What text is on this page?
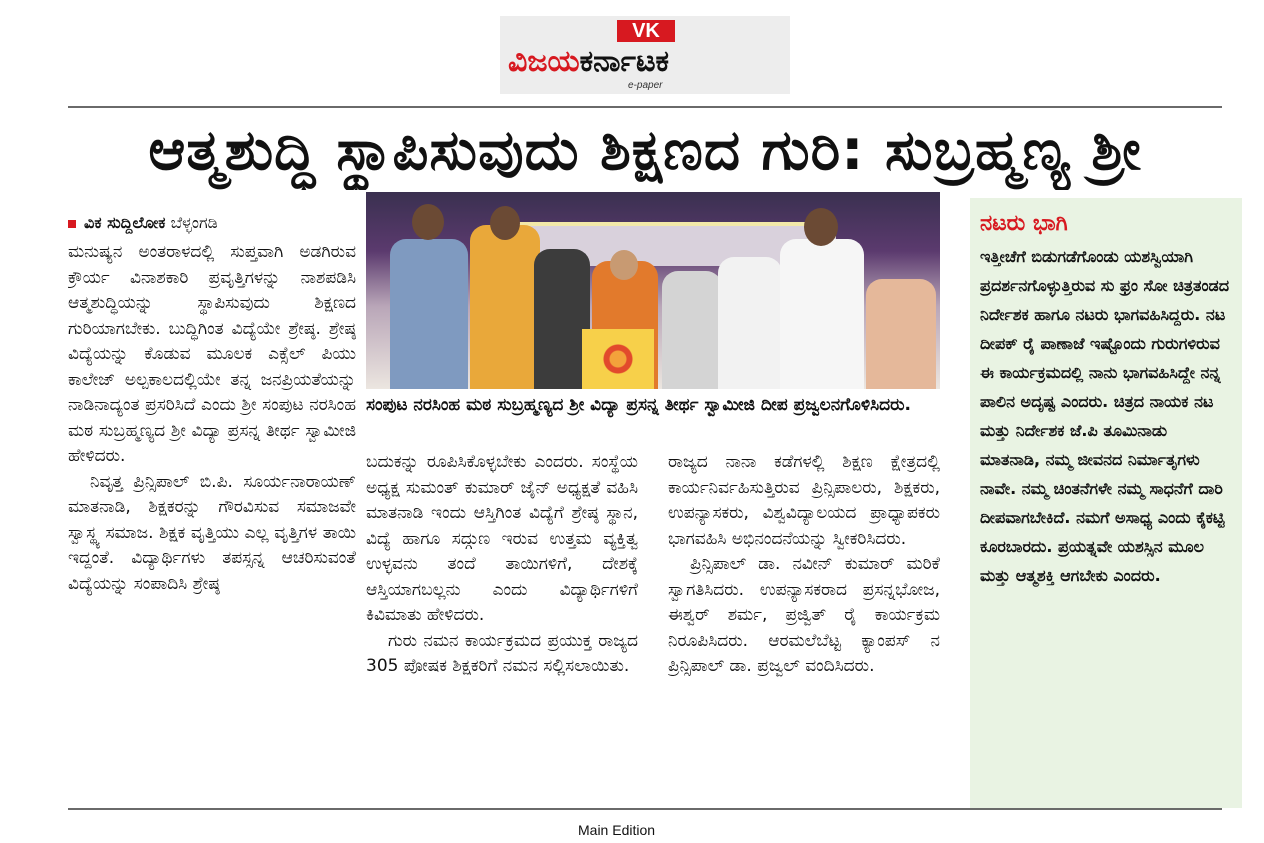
VK
ವಿಜಯಕರ್ನಾಟಕ
e-paper
ಆತ್ಮಶುದ್ಧಿ ಸ್ಥಾಪಿಸುವುದು ಶಿಕ್ಷಣದ ಗುರಿ: ಸುಬ್ರಹ್ಮಣ್ಯ ಶ್ರೀ
ವಿಕ ಸುದ್ದಿಲೋಕ ಬೆಳ್ಳಂಗಡಿ

ಮನುಷ್ಯನ ಅಂತರಾಳದಲ್ಲಿ ಸುಪ್ತವಾಗಿ ಅಡಗಿರುವ ಕ್ರೌರ್ಯ ವಿನಾಶಕಾರಿ ಪ್ರವೃತ್ತಿಗಳನ್ನು ನಾಶಪಡಿಸಿ ಆತ್ಮಶುದ್ಧಿಯನ್ನು ಸ್ಥಾಪಿಸುವುದು ಶಿಕ್ಷಣದ ಗುರಿಯಾಗಬೇಕು. ಬುದ್ಧಿಗಿಂತ ವಿದ್ಯೆಯೇ ಶ್ರೇಷ್ಠ. ಶ್ರೇಷ್ಠ ವಿದ್ಯೆಯನ್ನು ಕೊಡುವ ಮೂಲಕ ಎಕ್ಸೆಲ್ ಪಿಯು ಕಾಲೇಜ್ ಅಲ್ಪಕಾಲದಲ್ಲಿಯೇ ತನ್ನ ಜನಪ್ರಿಯತೆಯನ್ನು ನಾಡಿನಾದ್ಯಂತ ಪ್ರಸರಿಸಿದೆ ಎಂದು ಶ್ರೀ ಸಂಪುಟ ನರಸಿಂಹ ಮಠ ಸುಬ್ರಹ್ಮಣ್ಯದ ಶ್ರೀ ವಿದ್ಯಾ ಪ್ರಸನ್ನ ತೀರ್ಥ ಸ್ವಾಮೀಜಿ ಹೇಳಿದರು.

ನಿವೃತ್ತ ಪ್ರಿನ್ಸಿಪಾಲ್ ಬಿ.ಪಿ. ಸೂರ್ಯನಾರಾಯಣ್ ಮಾತನಾಡಿ, ಶಿಕ್ಷಕರನ್ನು ಗೌರವಿಸುವ ಸಮಾಜವೇ ಸ್ವಾಸ್ಥ್ಯ ಸಮಾಜ. ಶಿಕ್ಷಕ ವೃತ್ತಿಯು ಎಲ್ಲ ವೃತ್ತಿಗಳ ತಾಯಿ ಇದ್ದಂತೆ. ವಿದ್ಯಾರ್ಥಿಗಳು ತಪಸ್ಸನ್ನ ಆಚರಿಸುವಂತೆ ವಿದ್ಯೆಯನ್ನು ಸಂಪಾದಿಸಿ ಶ್ರೇಷ್ಠ

ಸಂಪುಟ ನರಸಿಂಹ ಮಠ ಸುಬ್ರಹ್ಮಣ್ಯದ ಶ್ರೀ ವಿದ್ಯಾ ಪ್ರಸನ್ನ ತೀರ್ಥ ಸ್ವಾಮೀಜಿ ದೀಪ ಪ್ರಜ್ವಲನಗೊಳಿಸಿದರು.

ಬದುಕನ್ನು ರೂಪಿಸಿಕೊಳ್ಳಬೇಕು ಎಂದರು. ಸಂಸ್ಥೆಯ ಅಧ್ಯಕ್ಷ ಸುಮಂತ್ ಕುಮಾರ್ ಜೈನ್ ಅಧ್ಯಕ್ಷತೆ ವಹಿಸಿ ಮಾತನಾಡಿ ಇಂದು ಆಸ್ತಿಗಿಂತ ವಿದ್ಯೆಗೆ ಶ್ರೇಷ್ಠ ಸ್ಥಾನ, ವಿದ್ಯೆ ಹಾಗೂ ಸದ್ಗುಣ ಇರುವ ಉತ್ತಮ ವ್ಯಕ್ತಿತ್ವ ಉಳ್ಳವನು ತಂದೆ ತಾಯಿಗಳಿಗೆ, ದೇಶಕ್ಕೆ ಆಸ್ತಿಯಾಗಬಲ್ಲನು ಎಂದು ವಿದ್ಯಾರ್ಥಿಗಳಿಗೆ ಕಿವಿಮಾತು ಹೇಳಿದರು.

ಗುರು ನಮನ ಕಾರ್ಯಕ್ರಮದ ಪ್ರಯುಕ್ತ ರಾಜ್ಯದ 305 ಪೋಷಕ ಶಿಕ್ಷಕರಿಗೆ ನಮನ ಸಲ್ಲಿಸಲಾಯಿತು.

ರಾಜ್ಯದ ನಾನಾ ಕಡೆಗಳಲ್ಲಿ ಶಿಕ್ಷಣ ಕ್ಷೇತ್ರದಲ್ಲಿ ಕಾರ್ಯನಿರ್ವಹಿಸುತ್ತಿರುವ ಪ್ರಿನ್ಸಿಪಾಲರು, ಶಿಕ್ಷಕರು, ಉಪನ್ಯಾಸಕರು, ವಿಶ್ವವಿದ್ಯಾಲಯದ ಪ್ರಾಧ್ಯಾಪಕರು ಭಾಗವಹಿಸಿ ಅಭಿನಂದನೆಯನ್ನು ಸ್ವೀಕರಿಸಿದರು.

ಪ್ರಿನ್ಸಿಪಾಲ್ ಡಾ. ನವೀನ್ ಕುಮಾರ್ ಮರಿಕೆ ಸ್ವಾಗತಿಸಿದರು. ಉಪನ್ಯಾಸಕರಾದ ಪ್ರಸನ್ನಭೋಜ, ಈಶ್ವರ್ ಶರ್ಮ, ಪ್ರಜ್ವಿತ್ ರೈ ಕಾರ್ಯಕ್ರಮ ನಿರೂಪಿಸಿದರು. ಆರಮಲೆಬೆಟ್ಟ ಕ್ಯಾಂಪಸ್ ನ ಪ್ರಿನ್ಸಿಪಾಲ್ ಡಾ. ಪ್ರಜ್ವಲ್ ವಂದಿಸಿದರು.

ನಟರು ಭಾಗಿ
ಇತ್ತೀಚೆಗೆ ಬಿಡುಗಡೆಗೊಂಡು ಯಶಸ್ವಿಯಾಗಿ ಪ್ರದರ್ಶನಗೊಳ್ಳುತ್ತಿರುವ ಸು ಫ್ರಂ ಸೋ ಚಿತ್ರತಂಡದ ನಿರ್ದೇಶಕ ಹಾಗೂ ನಟರು ಭಾಗವಹಿಸಿದ್ದರು. ನಟ ದೀಪಕ್ ರೈ ಪಾಣಾಜೆ ಇಷ್ಟೊಂದು ಗುರುಗಳಿರುವ ಈ ಕಾರ್ಯಕ್ರಮದಲ್ಲಿ ನಾನು ಭಾಗವಹಿಸಿದ್ದೇ ನನ್ನ ಪಾಲಿನ ಅದೃಷ್ಟ ಎಂದರು. ಚಿತ್ರದ ನಾಯಕ ನಟ ಮತ್ತು ನಿರ್ದೇಶಕ ಜೆ.ಪಿ ತೂಮಿನಾಡು ಮಾತನಾಡಿ, ನಮ್ಮ ಜೀವನದ ನಿರ್ಮಾತೃಗಳು ನಾವೇ. ನಮ್ಮ ಚಿಂತನೆಗಳೇ ನಮ್ಮ ಸಾಧನೆಗೆ ದಾರಿ ದೀಪವಾಗಬೇಕಿದೆ. ನಮಗೆ ಅಸಾಧ್ಯ ಎಂದು ಕೈಕಟ್ಟಿ ಕೂರಬಾರದು. ಪ್ರಯತ್ನವೇ ಯಶಸ್ಸಿನ ಮೂಲ ಮತ್ತು ಆತ್ಮಶಕ್ತಿ ಆಗಬೇಕು ಎಂದರು.
Main Edition
